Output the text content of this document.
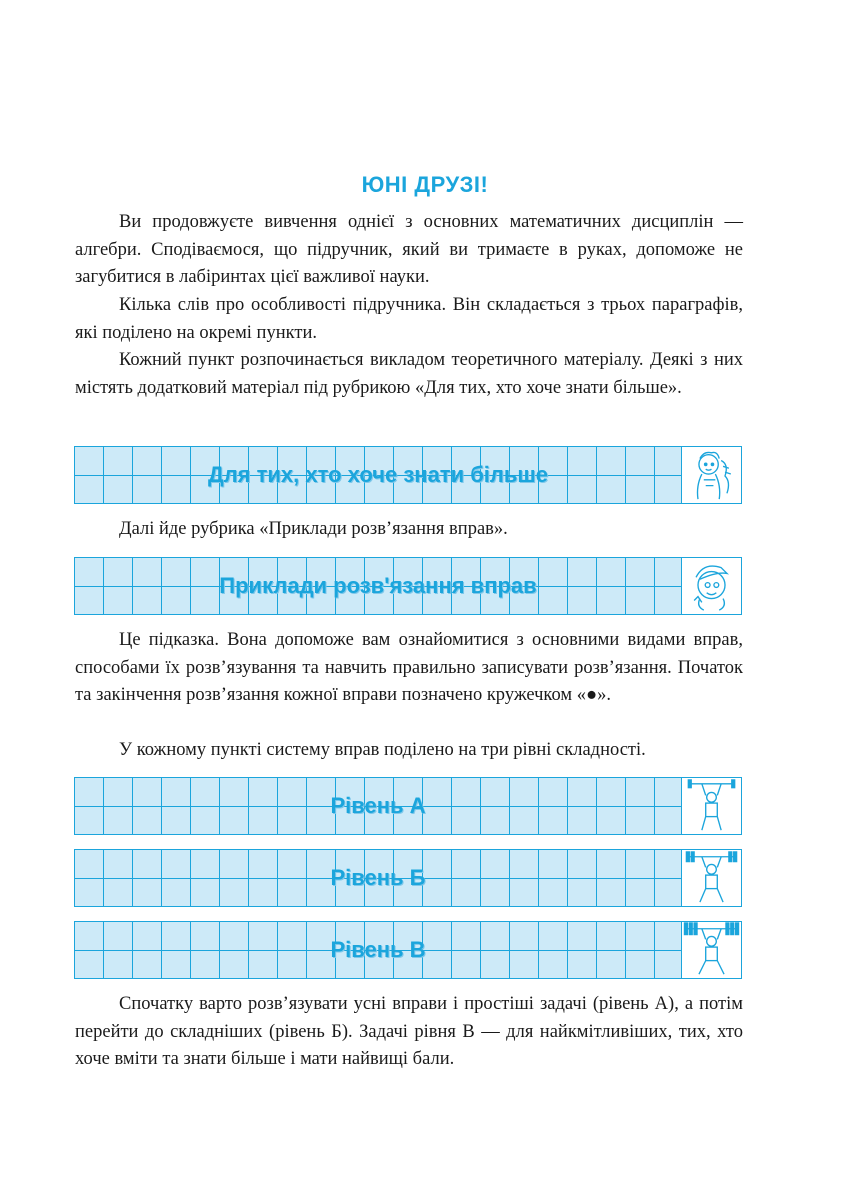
ЮНІ ДРУЗІ!

Ви продовжуєте вивчення однієї з основних математичних дисциплін — алгебри. Сподіваємося, що підручник, який ви тримаєте в руках, допоможе не загубитися в лабіринтах цієї важливої науки.

Кілька слів про особливості підручника. Він складається з трьох параграфів, які поділено на окремі пункти.

Кожний пункт розпочинається викладом теоретичного матеріалу. Деякі з них містять додатковий матеріал під рубрикою «Для тих, хто хоче знати більше».

Для тих, хто хоче знати більше

Далі йде рубрика «Приклади розв’язання вправ».

Приклади розв'язання вправ

Це підказка. Вона допоможе вам ознайомитися з основними видами вправ, способами їх розв’язування та навчить правильно записувати розв’язання. Початок та закінчення розв’язання кожної вправи позначено кружечком «●».

У кожному пункті систему вправ поділено на три рівні складності.

Рівень А
Рівень Б
Рівень В

Спочатку варто розв’язувати усні вправи і простіші задачі (рівень А), а потім перейти до складніших (рівень Б). Задачі рівня В — для найкмітливіших, тих, хто хоче вміти та знати більше і мати найвищі бали.
